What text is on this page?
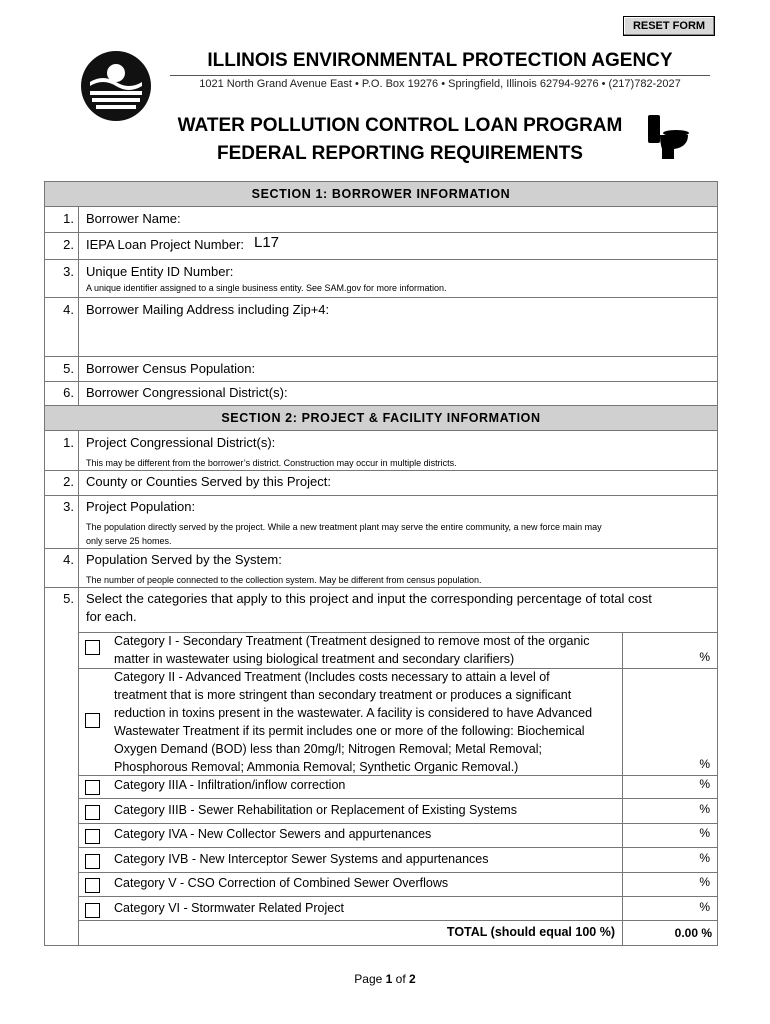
RESET FORM
ILLINOIS ENVIRONMENTAL PROTECTION AGENCY
1021 North Grand Avenue East • P.O. Box 19276 • Springfield, Illinois 62794-9276 • (217)782-2027
WATER POLLUTION CONTROL LOAN PROGRAM
FEDERAL REPORTING REQUIREMENTS
SECTION 1: BORROWER INFORMATION
1. Borrower Name:
2. IEPA Loan Project Number: L17
3. Unique Entity ID Number:
A unique identifier assigned to a single business entity. See SAM.gov for more information.
4. Borrower Mailing Address including Zip+4:
5. Borrower Census Population:
6. Borrower Congressional District(s):
SECTION 2: PROJECT & FACILITY INFORMATION
1. Project Congressional District(s):
This may be different from the borrower’s district. Construction may occur in multiple districts.
2. County or Counties Served by this Project:
3. Project Population:
The population directly served by the project. While a new treatment plant may serve the entire community, a new force main may
only serve 25 homes.
4. Population Served by the System:
The number of people connected to the collection system. May be different from census population.
5. Select the categories that apply to this project and input the corresponding percentage of total cost
for each.
Category I - Secondary Treatment (Treatment designed to remove most of the organic
matter in wastewater using biological treatment and secondary clarifiers)	%
Category II - Advanced Treatment (Includes costs necessary to attain a level of
treatment that is more stringent than secondary treatment or produces a significant
reduction in toxins present in the wastewater. A facility is considered to have Advanced
Wastewater Treatment if its permit includes one or more of the following: Biochemical
Oxygen Demand (BOD) less than 20mg/l; Nitrogen Removal; Metal Removal;
Phosphorous Removal; Ammonia Removal; Synthetic Organic Removal.)	%
Category IIIA - Infiltration/inflow correction	%
Category IIIB - Sewer Rehabilitation or Replacement of Existing Systems	%
Category IVA - New Collector Sewers and appurtenances	%
Category IVB - New Interceptor Sewer Systems and appurtenances	%
Category V - CSO Correction of Combined Sewer Overflows	%
Category VI - Stormwater Related Project	%
TOTAL (should equal 100 %)	0.00 %
Page 1 of 2
